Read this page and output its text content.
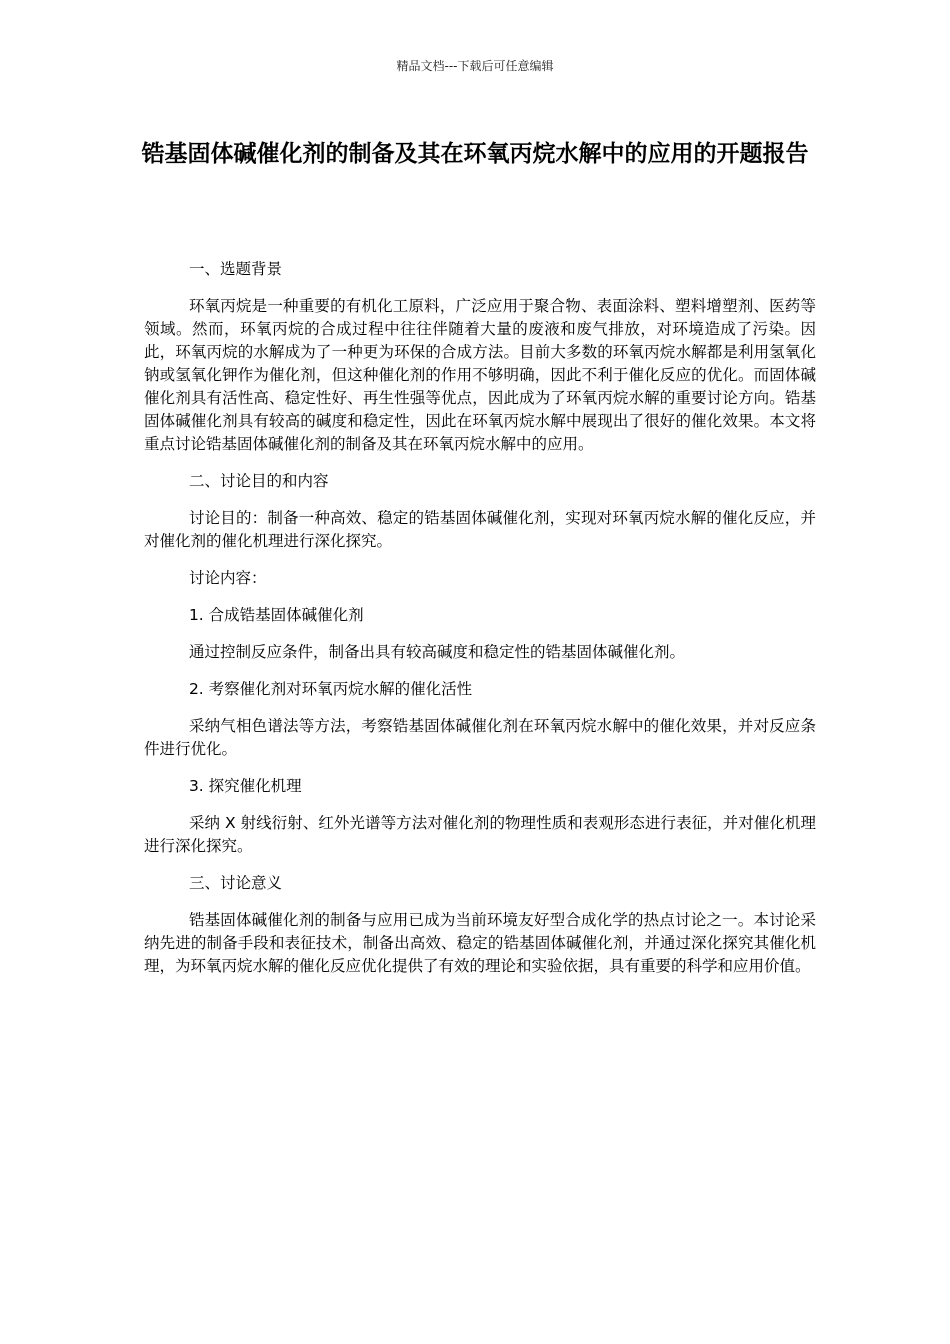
精品文档---下载后可任意编辑
锆基固体碱催化剂的制备及其在环氧丙烷水解中的应用的开题报告

一、选题背景

环氧丙烷是一种重要的有机化工原料，广泛应用于聚合物、表面涂料、塑料增塑剂、医药等领域。然而，环氧丙烷的合成过程中往往伴随着大量的废液和废气排放，对环境造成了污染。因此，环氧丙烷的水解成为了一种更为环保的合成方法。目前大多数的环氧丙烷水解都是利用氢氧化钠或氢氧化钾作为催化剂，但这种催化剂的作用不够明确，因此不利于催化反应的优化。而固体碱催化剂具有活性高、稳定性好、再生性强等优点，因此成为了环氧丙烷水解的重要讨论方向。锆基固体碱催化剂具有较高的碱度和稳定性，因此在环氧丙烷水解中展现出了很好的催化效果。本文将重点讨论锆基固体碱催化剂的制备及其在环氧丙烷水解中的应用。

二、讨论目的和内容

讨论目的：制备一种高效、稳定的锆基固体碱催化剂，实现对环氧丙烷水解的催化反应，并对催化剂的催化机理进行深化探究。

讨论内容：

1. 合成锆基固体碱催化剂

通过控制反应条件，制备出具有较高碱度和稳定性的锆基固体碱催化剂。

2. 考察催化剂对环氧丙烷水解的催化活性

采纳气相色谱法等方法，考察锆基固体碱催化剂在环氧丙烷水解中的催化效果，并对反应条件进行优化。

3. 探究催化机理

采纳 X 射线衍射、红外光谱等方法对催化剂的物理性质和表观形态进行表征，并对催化机理进行深化探究。

三、讨论意义

锆基固体碱催化剂的制备与应用已成为当前环境友好型合成化学的热点讨论之一。本讨论采纳先进的制备手段和表征技术，制备出高效、稳定的锆基固体碱催化剂，并通过深化探究其催化机理，为环氧丙烷水解的催化反应优化提供了有效的理论和实验依据，具有重要的科学和应用价值。
